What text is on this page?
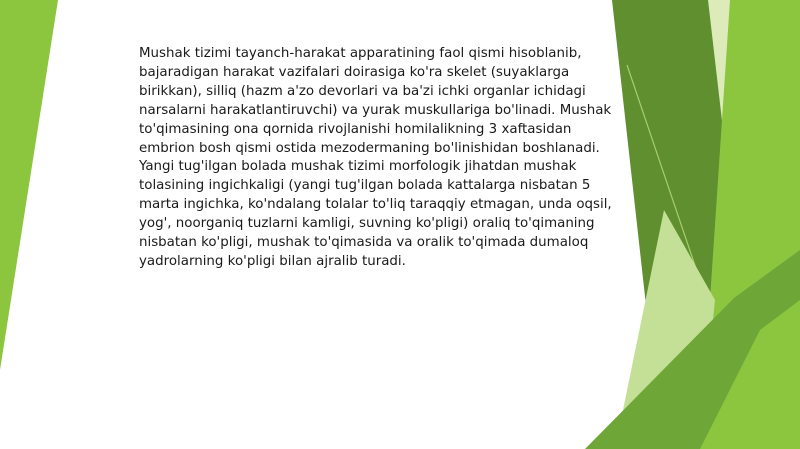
Mushak tizimi tayanch-harakat apparatining faol qismi hisoblanib, bajaradigan harakat vazifalari doirasiga ko'ra skelet (suyaklarga birikkan), silliq (hazm a'zo devorlari va ba'zi ichki organlar ichidagi narsalarni harakatlantiruvchi) va yurak muskullariga bo'linadi. Mushak to'qimasining ona qornida rivojlanishi homilalikning 3 xaftasidan embrion bosh qismi ostida mezodermaning bo'linishidan boshlanadi. Yangi tug'ilgan bolada mushak tizimi morfologik jihatdan mushak tolasining ingichkaligi (yangi tug'ilgan bolada kattalarga nisbatan 5 marta ingichka, ko'ndalang tolalar to'liq taraqqiy etmagan, unda oqsil, yog', noorganiq tuzlarni kamligi, suvning ko'pligi) oraliq to'qimaning nisbatan ko'pligi, mushak to'qimasida va oralik to'qimada dumaloq yadrolarning ko'pligi bilan ajralib turadi.
